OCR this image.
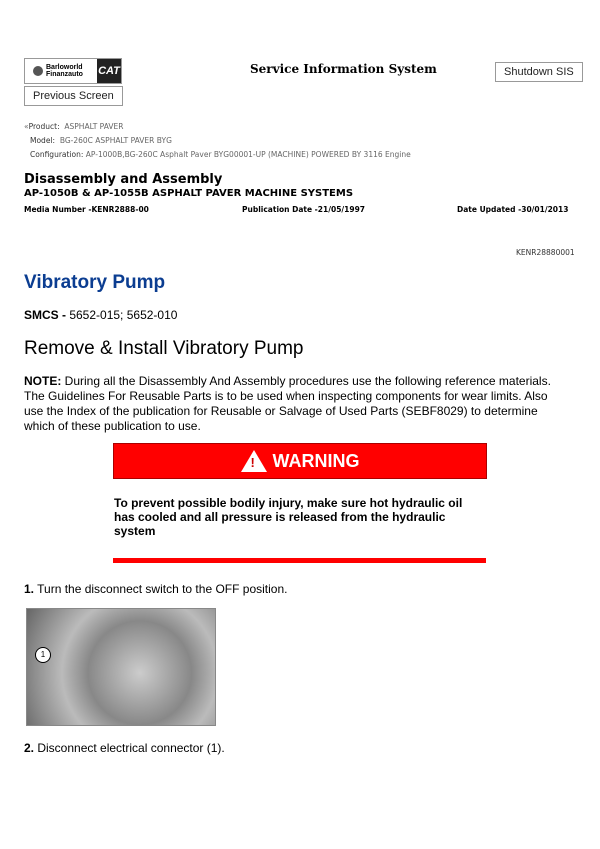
Barloworld
Finanzauto CAT
Previous Screen
Service Information System	Shutdown SIS
«Product: ASPHALT PAVER
Model: BG-260C ASPHALT PAVER BYG
Configuration: AP-1000B,BG-260C Asphalt Paver BYG00001-UP (MACHINE) POWERED BY 3116 Engine
Disassembly and Assembly
AP-1050B & AP-1055B ASPHALT PAVER MACHINE SYSTEMS
Media Number -KENR2888-00	Publication Date -21/05/1997	Date Updated -30/01/2013
KENR28880001
Vibratory Pump
SMCS - 5652-015; 5652-010
Remove & Install Vibratory Pump
NOTE: During all the Disassembly And Assembly procedures use the following reference materials. The Guidelines For Reusable Parts is to be used when inspecting components for wear limits. Also use the Index of the publication for Reusable or Salvage of Used Parts (SEBF8029) to determine which of these publication to use.
! WARNING
To prevent possible bodily injury, make sure hot hydraulic oil has cooled and all pressure is released from the hydraulic system
1. Turn the disconnect switch to the OFF position.
1
2. Disconnect electrical connector (1).
